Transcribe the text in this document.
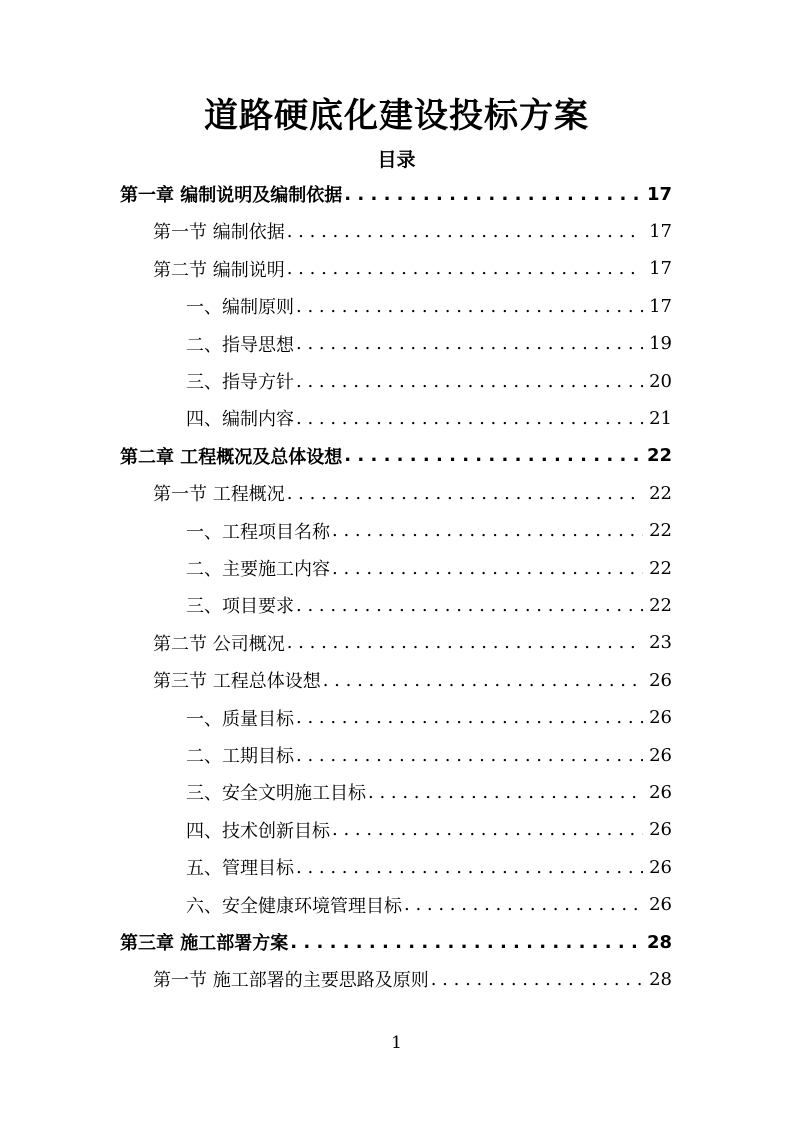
道路硬底化建设投标方案
目录
第一章 编制说明及编制依据 . . .	17
第一节 编制依据 . . .	17
第二节 编制说明 . . .	17
一、编制原则 . . .	17
二、指导思想 . . .	19
三、指导方针 . . .	20
四、编制内容 . . .	21
第二章 工程概况及总体设想 . . .	22
第一节 工程概况 . . .	22
一、工程项目名称 . . .	22
二、主要施工内容 . . .	22
三、项目要求 . . .	22
第二节 公司概况 . . .	23
第三节 工程总体设想 . . .	26
一、质量目标 . . .	26
二、工期目标 . . .	26
三、安全文明施工目标 . . .	26
四、技术创新目标 . . .	26
五、管理目标 . . .	26
六、安全健康环境管理目标 . . .	26
第三章 施工部署方案 . . .	28
第一节 施工部署的主要思路及原则 . . .	28
1
